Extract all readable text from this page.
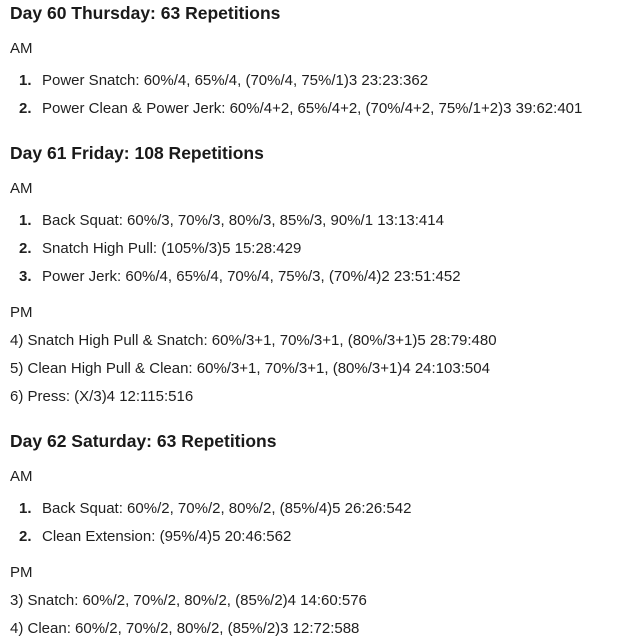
Day 60 Thursday: 63 Repetitions
AM
1. Power Snatch: 60%/4, 65%/4, (70%/4, 75%/1)3 23:23:362
2. Power Clean & Power Jerk: 60%/4+2, 65%/4+2, (70%/4+2, 75%/1+2)3 39:62:401
Day 61 Friday: 108 Repetitions
AM
1. Back Squat: 60%/3, 70%/3, 80%/3, 85%/3, 90%/1 13:13:414
2. Snatch High Pull: (105%/3)5 15:28:429
3. Power Jerk: 60%/4, 65%/4, 70%/4, 75%/3, (70%/4)2 23:51:452
PM
4) Snatch High Pull & Snatch: 60%/3+1, 70%/3+1, (80%/3+1)5 28:79:480
5) Clean High Pull & Clean: 60%/3+1, 70%/3+1, (80%/3+1)4 24:103:504
6) Press: (X/3)4 12:115:516
Day 62 Saturday: 63 Repetitions
AM
1. Back Squat: 60%/2, 70%/2, 80%/2, (85%/4)5 26:26:542
2. Clean Extension: (95%/4)5 20:46:562
PM
3) Snatch: 60%/2, 70%/2, 80%/2, (85%/2)4 14:60:576
4) Clean: 60%/2, 70%/2, 80%/2, (85%/2)3 12:72:588
